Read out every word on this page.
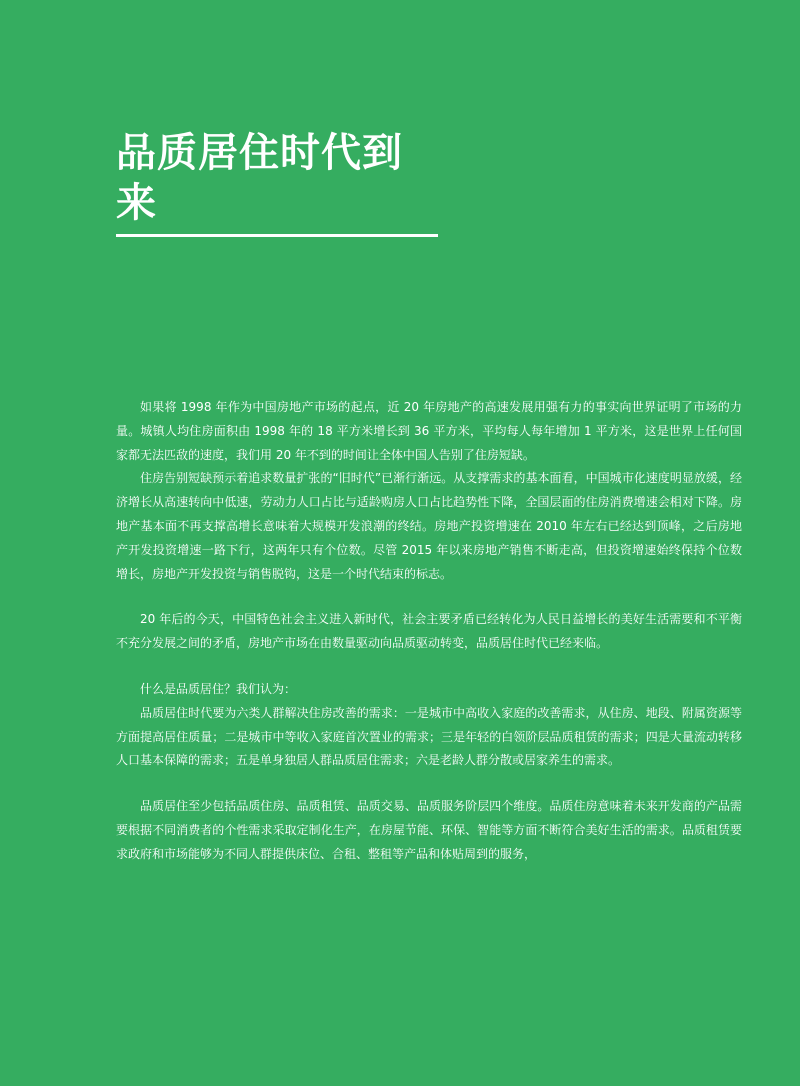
品质居住时代到来

如果将 1998 年作为中国房地产市场的起点，近 20 年房地产的高速发展用强有力的事实向世界证明了市场的力量。城镇人均住房面积由 1998 年的 18 平方米增长到 36 平方米，平均每人每年增加 1 平方米，这是世界上任何国家都无法匹敌的速度，我们用 20 年不到的时间让全体中国人告别了住房短缺。

住房告别短缺预示着追求数量扩张的“旧时代”已渐行渐远。从支撑需求的基本面看，中国城市化速度明显放缓，经济增长从高速转向中低速，劳动力人口占比与适龄购房人口占比趋势性下降，全国层面的住房消费增速会相对下降。房地产基本面不再支撑高增长意味着大规模开发浪潮的终结。房地产投资增速在 2010 年左右已经达到顶峰，之后房地产开发投资增速一路下行，这两年只有个位数。尽管 2015 年以来房地产销售不断走高，但投资增速始终保持个位数增长，房地产开发投资与销售脱钩，这是一个时代结束的标志。

20 年后的今天，中国特色社会主义进入新时代，社会主要矛盾已经转化为人民日益增长的美好生活需要和不平衡不充分发展之间的矛盾，房地产市场在由数量驱动向品质驱动转变，品质居住时代已经来临。

什么是品质居住？我们认为：

品质居住时代要为六类人群解决住房改善的需求：一是城市中高收入家庭的改善需求，从住房、地段、附属资源等方面提高居住质量；二是城市中等收入家庭首次置业的需求；三是年轻的白领阶层品质租赁的需求；四是大量流动转移人口基本保障的需求；五是单身独居人群品质居住需求；六是老龄人群分散或居家养生的需求。

品质居住至少包括品质住房、品质租赁、品质交易、品质服务阶层四个维度。品质住房意味着未来开发商的产品需要根据不同消费者的个性需求采取定制化生产，在房屋节能、环保、智能等方面不断符合美好生活的需求。品质租赁要求政府和市场能够为不同人群提供床位、合租、整租等产品和体贴周到的服务，
